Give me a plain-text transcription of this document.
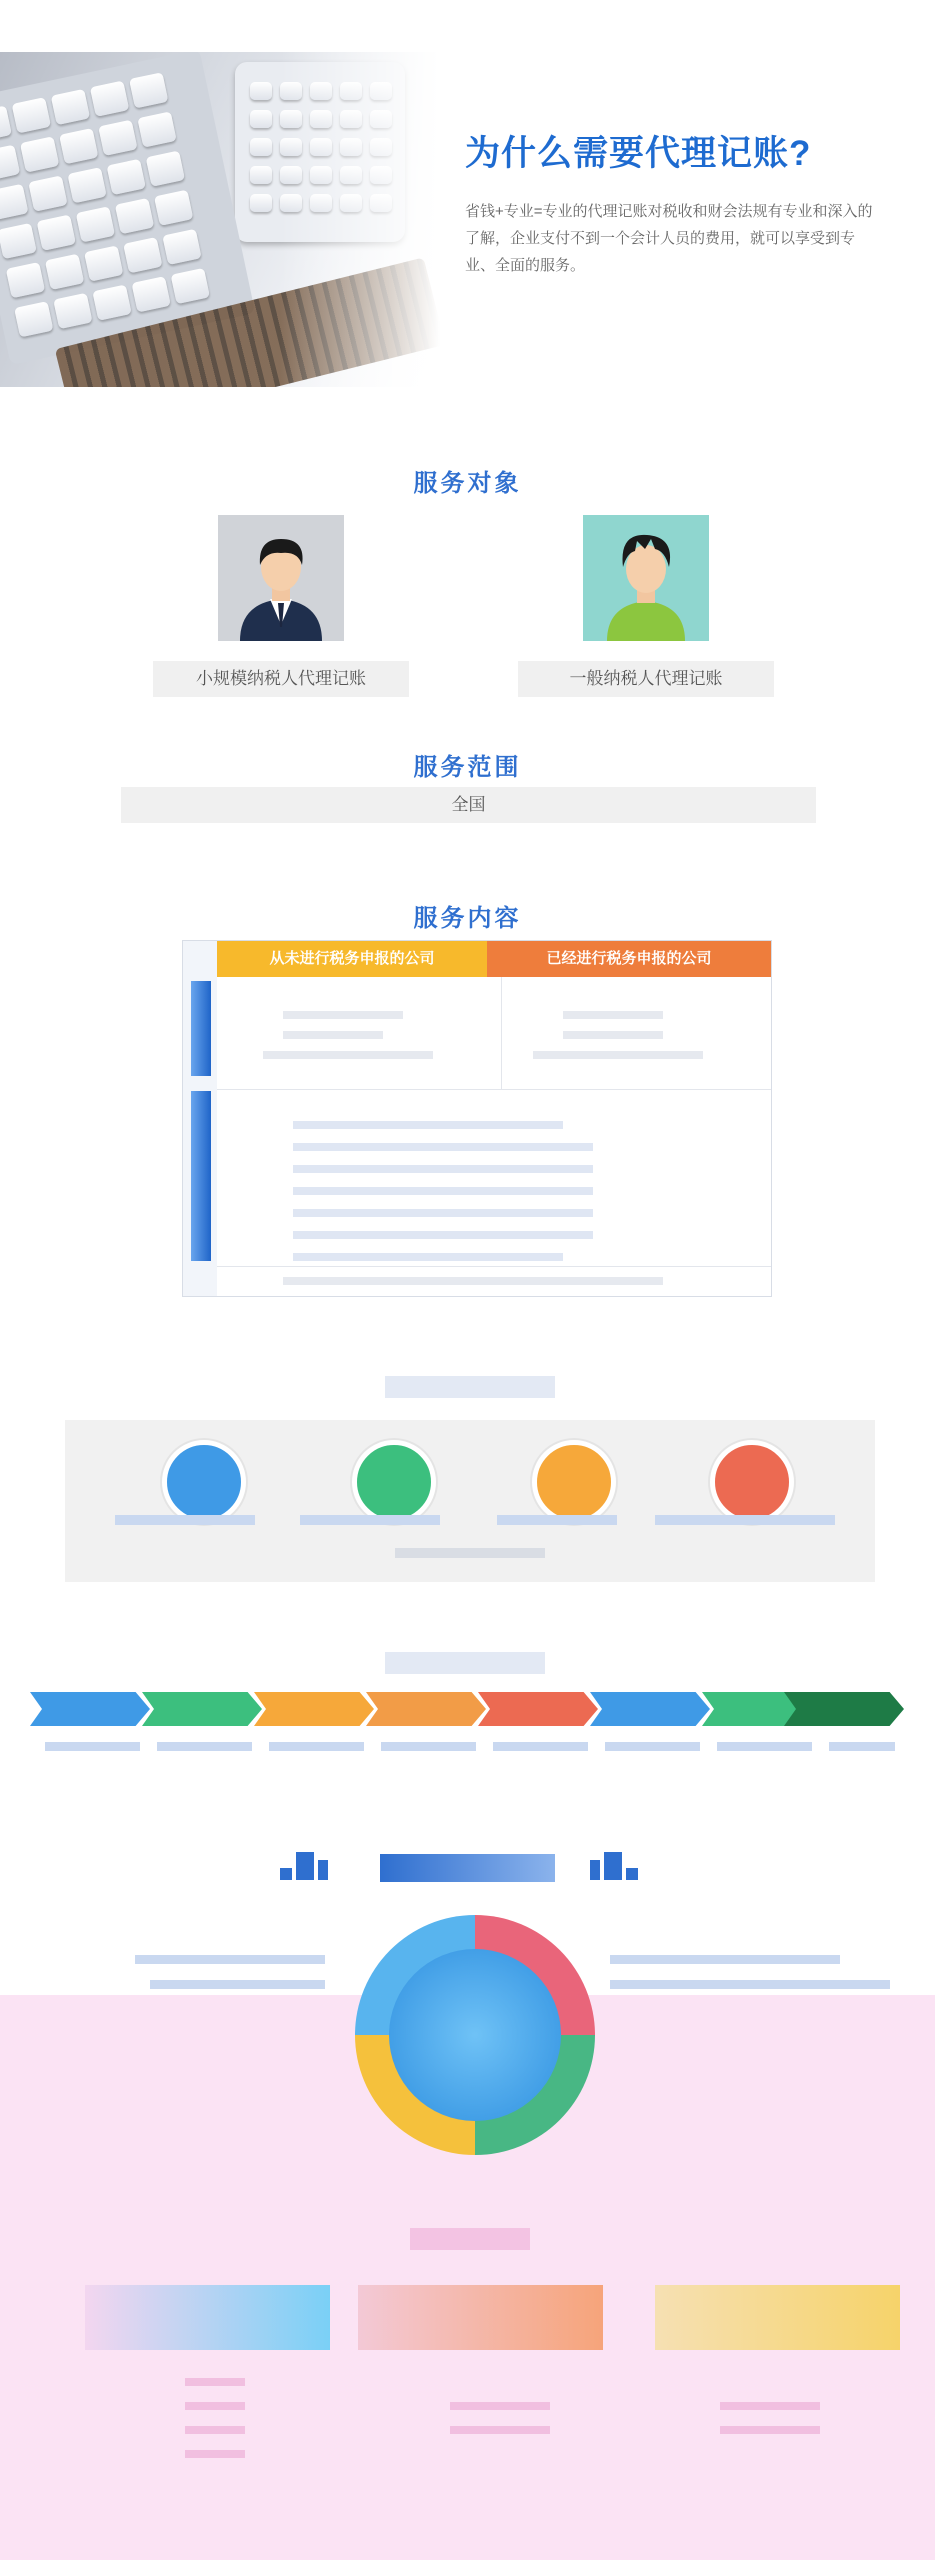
为什么需要代理记账?
省钱+专业=专业的代理记账对税收和财会法规有专业和深入的了解，企业支付不到一个会计人员的费用，就可以享受到专业、全面的服务。
服务对象
小规模纳税人代理记账	一般纳税人代理记账
服务范围
全国
服务内容
从未进行税务申报的公司	已经进行税务申报的公司
